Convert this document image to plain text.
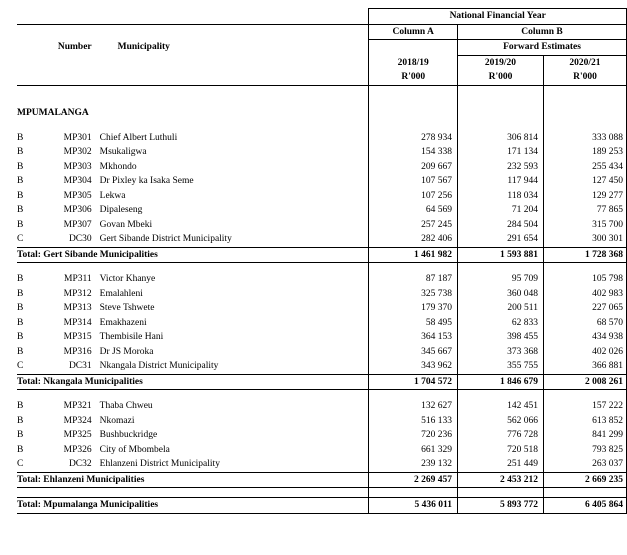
			National Financial Year		
			Column A	Column B	
	Number	Municipality		Forward Estimates	
			2018/19	2019/20	2020/21
			R'000	R'000	R'000

MPUMALANGA					

B	MP301	Chief Albert Luthuli	278 934	306 814	333 088
B	MP302	Msukaligwa	154 338	171 134	189 253
B	MP303	Mkhondo	209 667	232 593	255 434
B	MP304	Dr Pixley ka Isaka Seme	107 567	117 944	127 450
B	MP305	Lekwa	107 256	118 034	129 277
B	MP306	Dipaleseng	64 569	71 204	77 865
B	MP307	Govan Mbeki	257 245	284 504	315 700
C	DC30	Gert Sibande District Municipality	282 406	291 654	300 301
Total: Gert Sibande Municipalities			1 461 982	1 593 881	1 728 368

B	MP311	Victor Khanye	87 187	95 709	105 798
B	MP312	Emalahleni	325 738	360 048	402 983
B	MP313	Steve Tshwete	179 370	200 511	227 065
B	MP314	Emakhazeni	58 495	62 833	68 570
B	MP315	Thembisile Hani	364 153	398 455	434 938
B	MP316	Dr JS Moroka	345 667	373 368	402 026
C	DC31	Nkangala District Municipality	343 962	355 755	366 881
Total: Nkangala Municipalities			1 704 572	1 846 679	2 008 261

B	MP321	Thaba Chweu	132 627	142 451	157 222
B	MP324	Nkomazi	516 133	562 066	613 852
B	MP325	Bushbuckridge	720 236	776 728	841 299
B	MP326	City of Mbombela	661 329	720 518	793 825
C	DC32	Ehlanzeni District Municipality	239 132	251 449	263 037
Total: Ehlanzeni Municipalities			2 269 457	2 453 212	2 669 235

Total: Mpumalanga Municipalities			5 436 011	5 893 772	6 405 864
